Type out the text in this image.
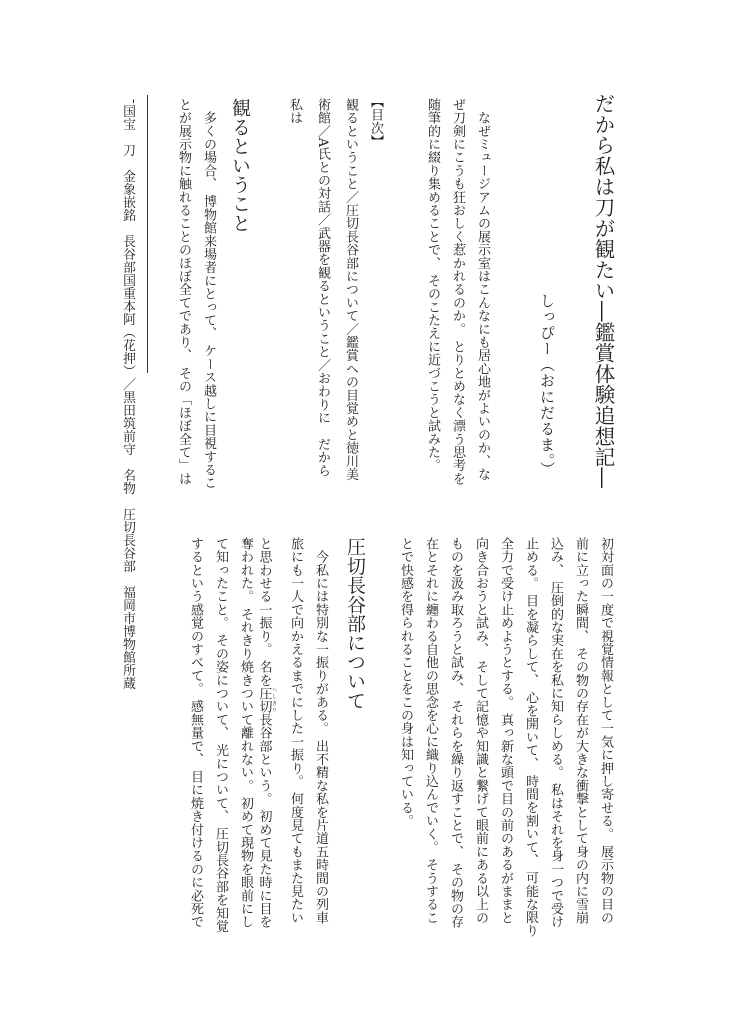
だから私は刀が観たい―鑑賞体験追想記―
しっぴー（おにだるま。）
　なぜミュージアムの展示室はこんなにも居心地がよいのか、な
ぜ刀剣にこうも狂おしく惹かれるのか。 とりとめなく漂う思考を
随筆的に綴り集めることで、 そのこたえに近づこうと試みた。
【目次】
観るということ／圧切長谷部について／鑑賞への目覚めと徳川美
術館／A氏との対話／武器を観るということ／おわりに　だから
私は
観るということ
　多くの場合、 博物館来場者にとって、 ケース越しに目視するこ
とが展示物に触れることのほぼ全てであり、 その「ほぼ全て」は
¯国宝　刀　金象嵌銘　長谷部国重本阿（花押）／黒田筑前守　名物　圧切長谷部　福岡市博物館所蔵
初対面の一度で視覚情報として一気に押し寄せる。 展示物の目の
前に立った瞬間、 その物の存在が大きな衝撃として身の内に雪崩
込み、 圧倒的な実在を私に知らしめる。 私はそれを身一つで受け
止める。 目を凝らして、 心を開いて、 時間を割いて、 可能な限り
全力で受け止めようとする。 真っ新な頭で目の前のあるがままと
向き合おうと試み、 そして記憶や知識と繋げて眼前にある以上の
ものを汲み取ろうと試み、 それらを繰り返すことで、 その物の存
在とそれに纏わる自他の思念を心に織り込んでいく。 そうするこ
とで快感を得られることをこの身は知っている。
圧切長谷部について
　今私には特別な一振りがある。 出不精な私を片道五時間の列車
旅にも一人で向かえるまでにした一振り。 何度見てもまた見たい
と思わせる一振り。 名を圧切 へしきり長谷部という。 初めて見た時に目を
奪われた。 それきり焼きついて離れない。 初めて現物を眼前にし
て知ったこと。 その姿について、 光について、 圧切長谷部を知覚
するという感覚のすべて。 感無量で、 目に焼き付けるのに必死で
